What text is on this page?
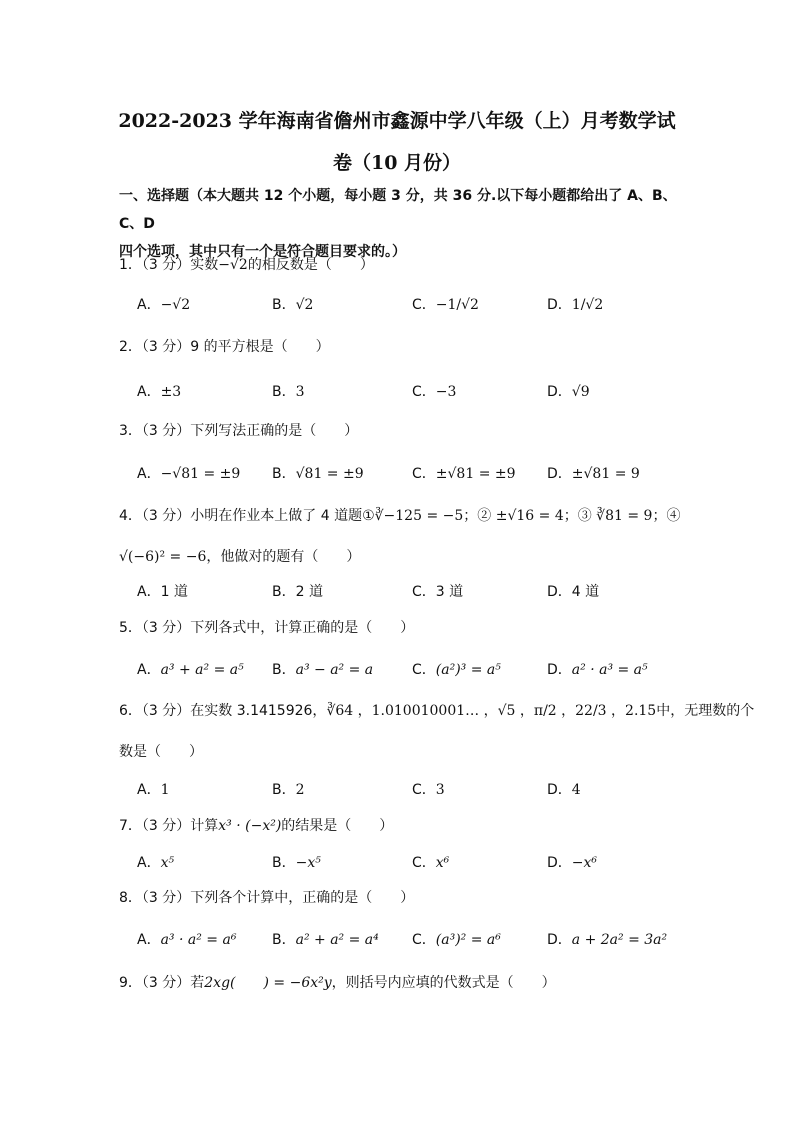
2022-2023 学年海南省儋州市鑫源中学八年级（上）月考数学试
卷（10 月份）
一、选择题（本大题共 12 个小题，每小题 3 分，共 36 分.以下每小题都给出了 A、B、C、D
四个选项，其中只有一个是符合题目要求的。）
1．（3 分）实数−√2的相反数是（　　）
A．−√2	B．√2	C．−1/√2	D．1/√2
2．（3 分）9 的平方根是（　　）
A．±3	B．3	C．−3	D．√9
3．（3 分）下列写法正确的是（　　）
A．−√81 = ±9 B．√81 = ±9	C．±√81 = ±9 D．±√81 = 9
4．（3 分）小明在作业本上做了 4 道题①∛−125 = −5；② ±√16 = 4；③ ∛81 = 9；④
√(−6)² = −6，他做对的题有（　　）
A．1 道	B．2 道	C．3 道	D．4 道
5．（3 分）下列各式中，计算正确的是（　　）
A．a³ + a² = a⁵ B．a³ − a² = a	C．(a²)³ = a⁵	D．a² · a³ = a⁵
6．（3 分）在实数 3.1415926，∛64 ，1.010010001… ，√5 ，π/2 ，22/3 ，2.15̇中，无理数的个
数是（　　）
A．1	B．2	C．3	D．4
7．（3 分）计算x³ · (−x²)的结果是（　　）
A．x⁵	B．−x⁵	C．x⁶	D．−x⁶
8．（3 分）下列各个计算中，正确的是（　　）
A．a³ · a² = a⁶	B．a² + a² = a⁴ C．(a³)² = a⁶	D．a + 2a² = 3a²
9．（3 分）若2xg(　　) = −6x²y，则括号内应填的代数式是（　　）
